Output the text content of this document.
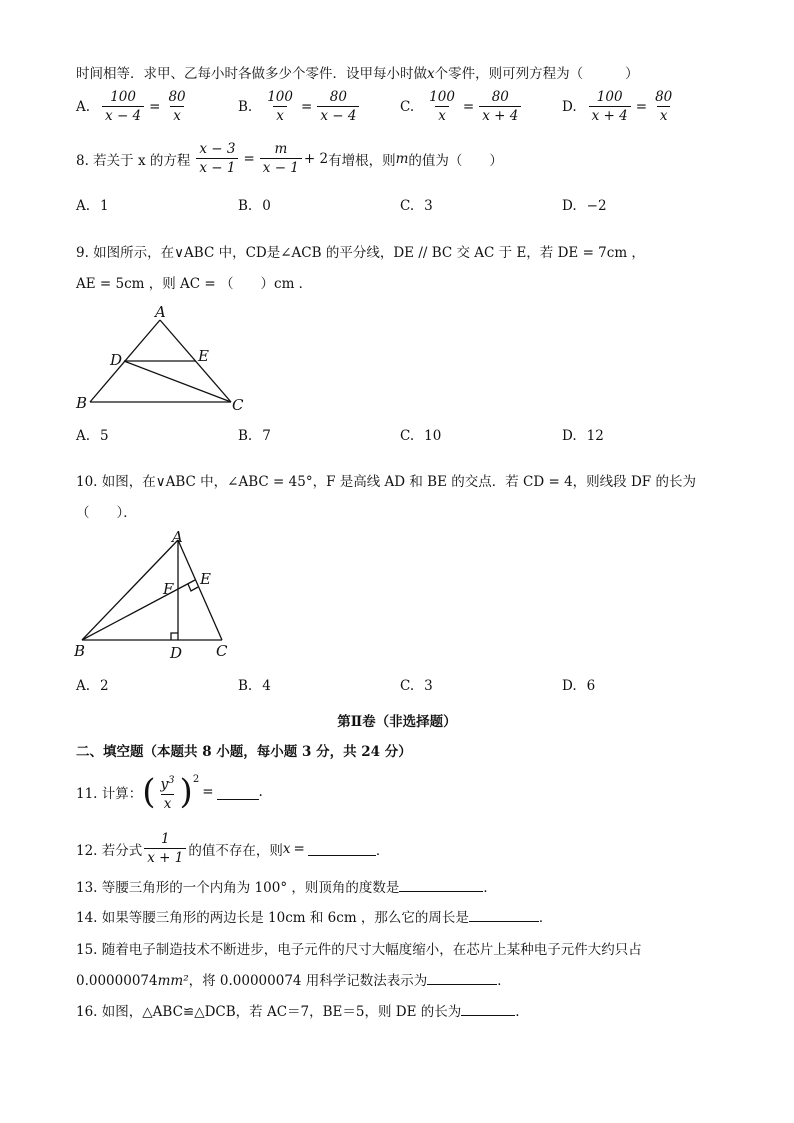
时间相等．求甲、乙每小时各做多少个零件．设甲每小时做x个零件，则可列方程为（	）
A. $\frac{100}{x - 4} = \frac{80}{x}$	B. $\frac{100}{x} = \frac{80}{x - 4}$	C. $\frac{100}{x} = \frac{80}{x + 4}$	D. $\frac{100}{x + 4} = \frac{80}{x}$
8. 若关于 x 的方程 $\frac{x - 3}{x - 1} = \frac{m}{x - 1} + 2$ 有增根，则 m 的值为（　　）
A. 1	B. 0	C. 3	D. −2
9. 如图所示，在∨ABC 中，CD是∠ACB 的平分线，DE // BC 交 AC 于 E，若 DE = 7cm ，
AE = 5cm ，则 AC = （　　）cm ．
A
B	C
D	E
A. 5	B. 7	C. 10	D. 12
10. 如图，在∨ABC 中，∠ABC = 45°，F 是高线 AD 和 BE 的交点．若 CD = 4，则线段 DF 的长为
（　　）．
A
B	C
D
E
F
A. 2	B. 4	C. 3	D. 6
第Ⅱ卷（非选择题）
二、填空题（本题共 8 小题，每小题 3 分，共 24 分）
11. 计算： ( $\frac{y^3}{x}$ ) 2
=	.
12. 若分式 $\frac{1}{x + 1}$ 的值不存在，则 x =	．
13. 等腰三角形的一个内角为 100° ，则顶角的度数是	．
14. 如果等腰三角形的两边长是 10cm 和 6cm ，那么它的周长是	．
15. 随着电子制造技术不断进步，电子元件的尺寸大幅度缩小，在芯片上某种电子元件大约只占
0.00000074mm²，将 0.00000074 用科学记数法表示为	．
16. 如图，△ABC≌△DCB，若 AC＝7，BE＝5，则 DE 的长为	.
